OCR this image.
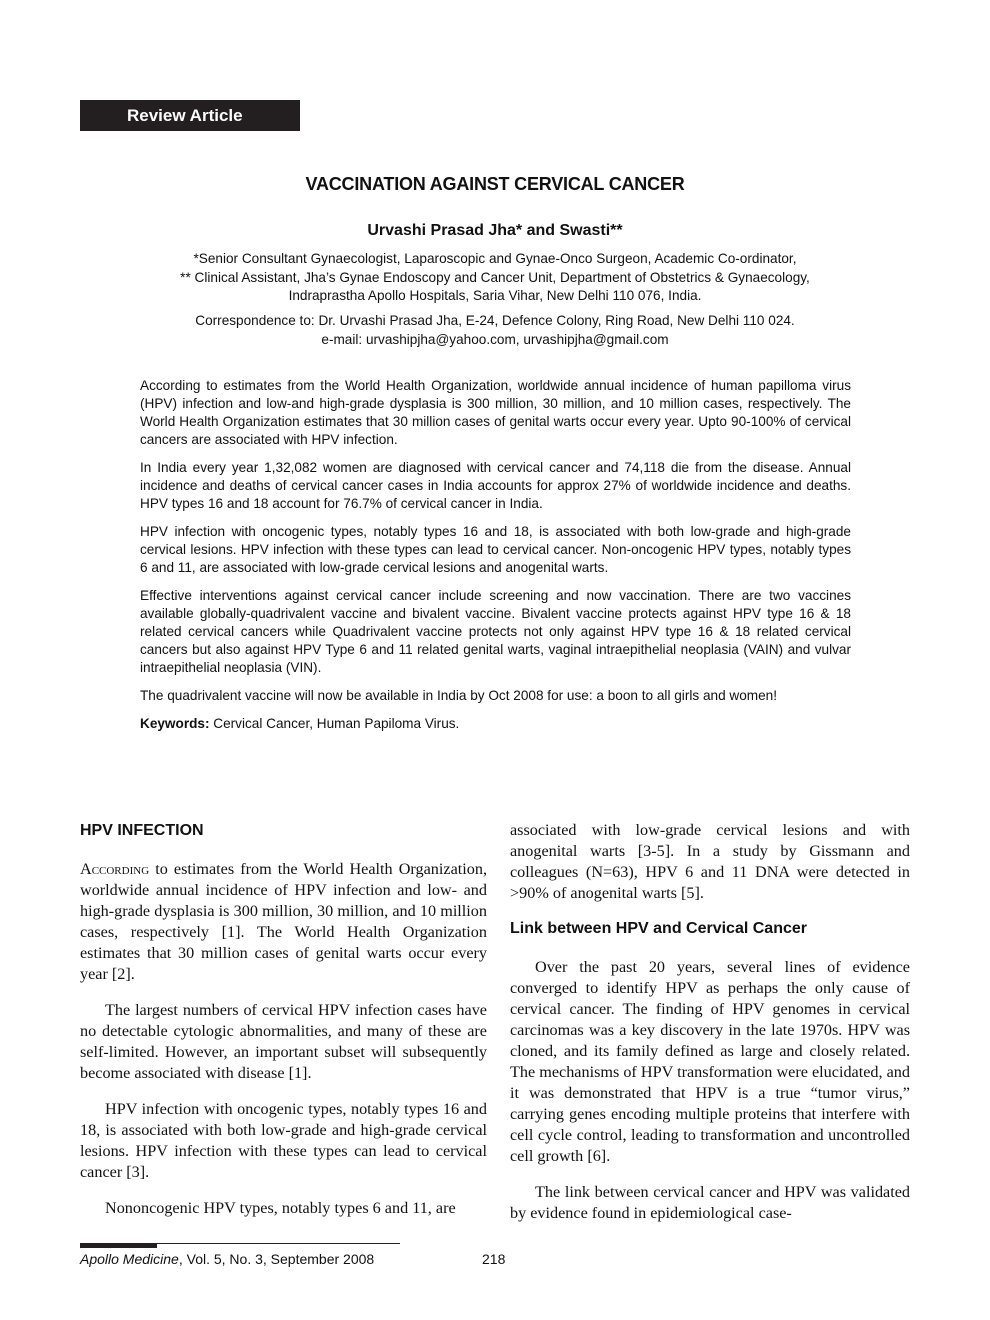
Review Article
VACCINATION AGAINST CERVICAL CANCER
Urvashi Prasad Jha* and Swasti**
*Senior Consultant Gynaecologist, Laparoscopic and Gynae-Onco Surgeon, Academic Co-ordinator,
** Clinical Assistant, Jha’s Gynae Endoscopy and Cancer Unit, Department of Obstetrics & Gynaecology,
Indraprastha Apollo Hospitals, Saria Vihar, New Delhi 110 076, India.
Correspondence to: Dr. Urvashi Prasad Jha, E-24, Defence Colony, Ring Road, New Delhi 110 024.
e-mail: urvashipjha@yahoo.com, urvashipjha@gmail.com

According to estimates from the World Health Organization, worldwide annual incidence of human papilloma virus (HPV) infection and low-and high-grade dysplasia is 300 million, 30 million, and 10 million cases, respectively. The World Health Organization estimates that 30 million cases of genital warts occur every year. Upto 90-100% of cervical cancers are associated with HPV infection.

In India every year 1,32,082 women are diagnosed with cervical cancer and 74,118 die from the disease. Annual incidence and deaths of cervical cancer cases in India accounts for approx 27% of worldwide incidence and deaths. HPV types 16 and 18 account for 76.7% of cervical cancer in India.

HPV infection with oncogenic types, notably types 16 and 18, is associated with both low-grade and high-grade cervical lesions. HPV infection with these types can lead to cervical cancer. Non-oncogenic HPV types, notably types 6 and 11, are associated with low-grade cervical lesions and anogenital warts.

Effective interventions against cervical cancer include screening and now vaccination. There are two vaccines available globally-quadrivalent vaccine and bivalent vaccine. Bivalent vaccine protects against HPV type 16 & 18 related cervical cancers while Quadrivalent vaccine protects not only against HPV type 16 & 18 related cervical cancers but also against HPV Type 6 and 11 related genital warts, vaginal intraepithelial neoplasia (VAIN) and vulvar intraepithelial neoplasia (VIN).

The quadrivalent vaccine will now be available in India by Oct 2008 for use: a boon to all girls and women!

Keywords: Cervical Cancer, Human Papiloma Virus.

HPV INFECTION

According to estimates from the World Health Organization, worldwide annual incidence of HPV infection and low- and high-grade dysplasia is 300 million, 30 million, and 10 million cases, respectively [1]. The World Health Organization estimates that 30 million cases of genital warts occur every year [2].

The largest numbers of cervical HPV infection cases have no detectable cytologic abnormalities, and many of these are self-limited. However, an important subset will subsequently become associated with disease [1].

HPV infection with oncogenic types, notably types 16 and 18, is associated with both low-grade and high-grade cervical lesions. HPV infection with these types can lead to cervical cancer [3].

Nononcogenic HPV types, notably types 6 and 11, are

associated with low-grade cervical lesions and with anogenital warts [3-5]. In a study by Gissmann and colleagues (N=63), HPV 6 and 11 DNA were detected in >90% of anogenital warts [5].

Link between HPV and Cervical Cancer

Over the past 20 years, several lines of evidence converged to identify HPV as perhaps the only cause of cervical cancer. The finding of HPV genomes in cervical carcinomas was a key discovery in the late 1970s. HPV was cloned, and its family defined as large and closely related. The mechanisms of HPV transformation were elucidated, and it was demonstrated that HPV is a true “tumor virus,” carrying genes encoding multiple proteins that interfere with cell cycle control, leading to transformation and uncontrolled cell growth [6].

The link between cervical cancer and HPV was validated by evidence found in epidemiological case-

Apollo Medicine, Vol. 5, No. 3, September 2008	218
